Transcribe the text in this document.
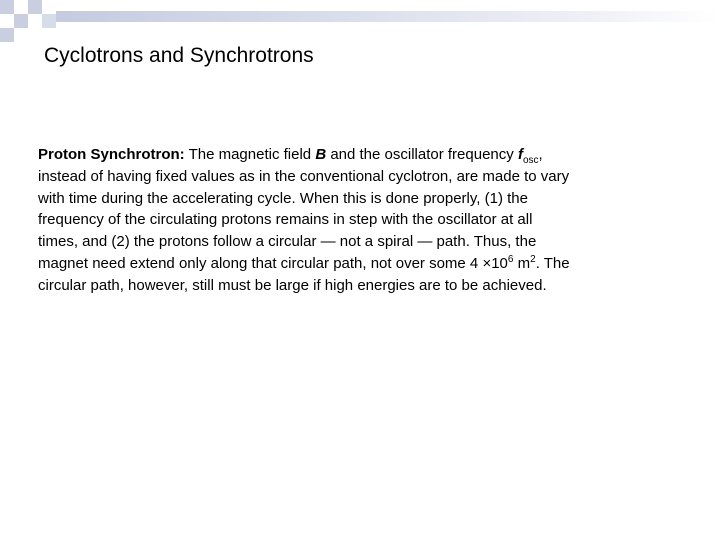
Cyclotrons and Synchrotrons

Proton Synchrotron: The magnetic field B and the oscillator frequency $f_{osc}$,
instead of having fixed values as in the conventional cyclotron, are made to vary
with time during the accelerating cycle. When this is done properly, (1) the
frequency of the circulating protons remains in step with the oscillator at all
times, and (2) the protons follow a circular — not a spiral — path. Thus, the
magnet need extend only along that circular path, not over some $4 \times 10^6$ $m^2$. The
circular path, however, still must be large if high energies are to be achieved.
